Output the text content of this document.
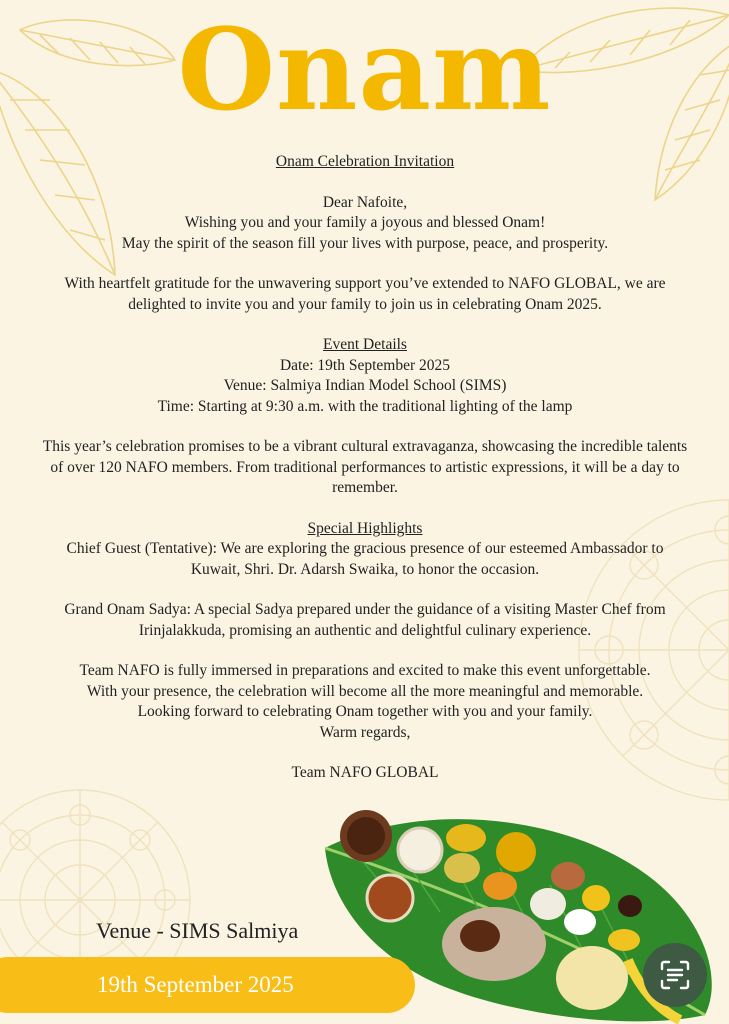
Onam

Onam Celebration Invitation

Dear Nafoite,

Wishing you and your family a joyous and blessed Onam!

May the spirit of the season fill your lives with purpose, peace, and prosperity.

With heartfelt gratitude for the unwavering support you’ve extended to NAFO GLOBAL, we are delighted to invite you and your family to join us in celebrating Onam 2025.

Event Details

Date: 19th September 2025

Venue: Salmiya Indian Model School (SIMS)

Time: Starting at 9:30 a.m. with the traditional lighting of the lamp

This year’s celebration promises to be a vibrant cultural extravaganza, showcasing the incredible talents of over 120 NAFO members. From traditional performances to artistic expressions, it will be a day to remember.

Special Highlights

Chief Guest (Tentative): We are exploring the gracious presence of our esteemed Ambassador to Kuwait, Shri. Dr. Adarsh Swaika, to honor the occasion.

Grand Onam Sadya: A special Sadya prepared under the guidance of a visiting Master Chef from Irinjalakkuda, promising an authentic and delightful culinary experience.

Team NAFO is fully immersed in preparations and excited to make this event unforgettable.

With your presence, the celebration will become all the more meaningful and memorable.

Looking forward to celebrating Onam together with you and your family.

Warm regards,

Team NAFO GLOBAL

Venue - SIMS Salmiya
19th September 2025
